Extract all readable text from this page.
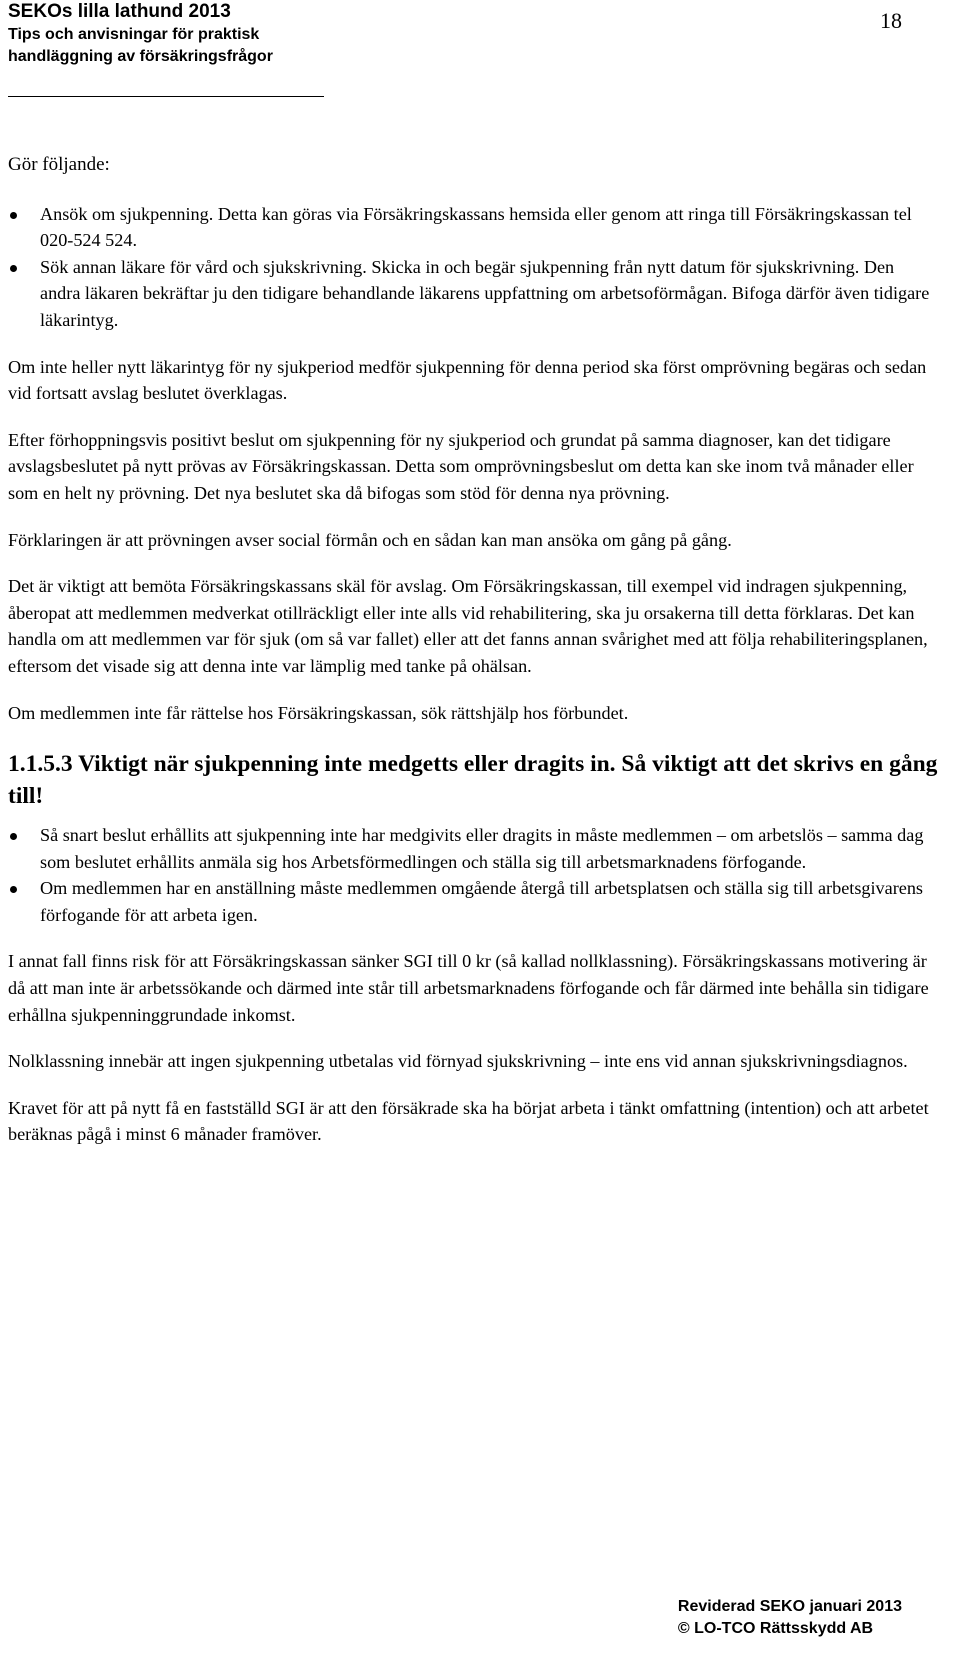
SEKOs lilla lathund 2013
Tips och anvisningar för praktisk
handläggning av försäkringsfrågor
18

Gör följande:

Ansök om sjukpenning. Detta kan göras via Försäkringskassans hemsida eller genom att ringa till Försäkringskassan tel 020-524 524.
Sök annan läkare för vård och sjukskrivning. Skicka in och begär sjukpenning från nytt datum för sjukskrivning. Den andra läkaren bekräftar ju den tidigare behandlande läkarens uppfattning om arbetsoförmågan. Bifoga därför även tidigare läkarintyg.

Om inte heller nytt läkarintyg för ny sjukperiod medför sjukpenning för denna period ska först omprövning begäras och sedan vid fortsatt avslag beslutet överklagas.

Efter förhoppningsvis positivt beslut om sjukpenning för ny sjukperiod och grundat på samma diagnoser, kan det tidigare avslagsbeslutet på nytt prövas av Försäkringskassan. Detta som omprövningsbeslut om detta kan ske inom två månader eller som en helt ny prövning. Det nya beslutet ska då bifogas som stöd för denna nya prövning.

Förklaringen är att prövningen avser social förmån och en sådan kan man ansöka om gång på gång.

Det är viktigt att bemöta Försäkringskassans skäl för avslag. Om Försäkringskassan, till exempel vid indragen sjukpenning, åberopat att medlemmen medverkat otillräckligt eller inte alls vid rehabilitering, ska ju orsakerna till detta förklaras. Det kan handla om att medlemmen var för sjuk (om så var fallet) eller att det fanns annan svårighet med att följa rehabiliteringsplanen, eftersom det visade sig att denna inte var lämplig med tanke på ohälsan.

Om medlemmen inte får rättelse hos Försäkringskassan, sök rättshjälp hos förbundet.

1.1.5.3 Viktigt när sjukpenning inte medgetts eller dragits in. Så viktigt att det skrivs en gång till!

Så snart beslut erhållits att sjukpenning inte har medgivits eller dragits in måste medlemmen – om arbetslös – samma dag som beslutet erhållits anmäla sig hos Arbetsförmedlingen och ställa sig till arbetsmarknadens förfogande.
Om medlemmen har en anställning måste medlemmen omgående återgå till arbetsplatsen och ställa sig till arbetsgivarens förfogande för att arbeta igen.

I annat fall finns risk för att Försäkringskassan sänker SGI till 0 kr (så kallad nollklassning). Försäkringskassans motivering är då att man inte är arbetssökande och därmed inte står till arbetsmarknadens förfogande och får därmed inte behålla sin tidigare erhållna sjukpenninggrundade inkomst.

Nolklassning innebär att ingen sjukpenning utbetalas vid förnyad sjukskrivning – inte ens vid annan sjukskrivningsdiagnos.

Kravet för att på nytt få en fastställd SGI är att den försäkrade ska ha börjat arbeta i tänkt omfattning (intention) och att arbetet beräknas pågå i minst 6 månader framöver.

Reviderad SEKO januari 2013
© LO-TCO Rättsskydd AB
